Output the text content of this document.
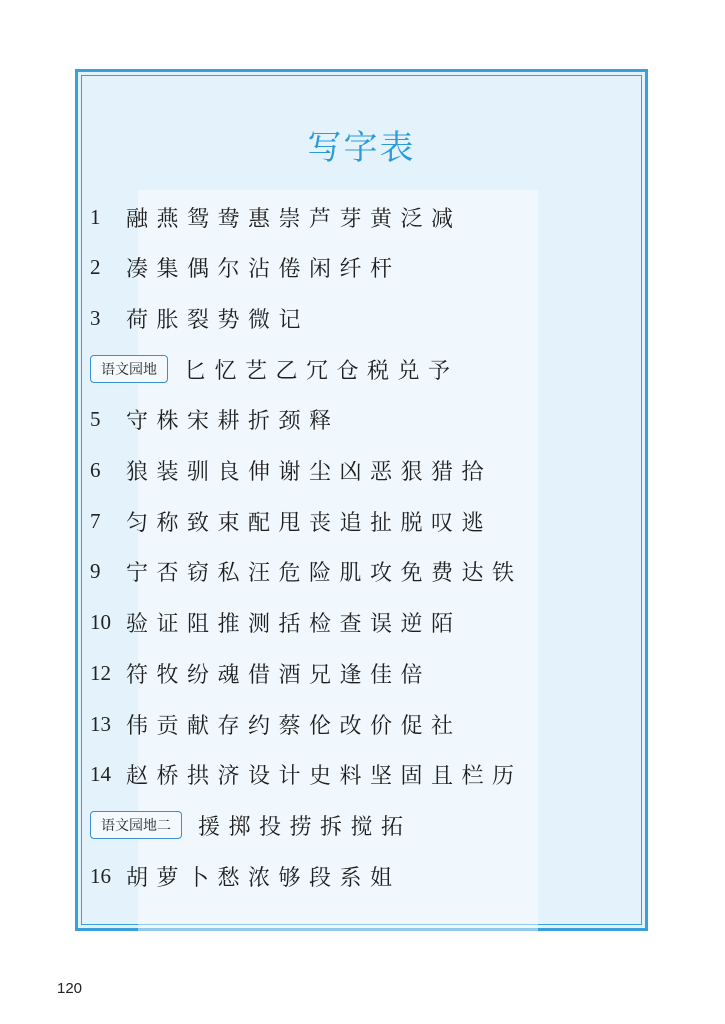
写字表
1	融燕鸳鸯惠崇芦芽黄泛减
2	凑集偶尔沾倦闲纤杆
3	荷胀裂势微记
语文园地	匕忆艺乙冗仓税兑予
5	守株宋耕折颈释
6	狼装驯良伸谢尘凶恶狠猎拾
7	匀称致束配甩丧追扯脱叹逃
9	宁否窃私汪危险肌攻免费达铁
10 验证阻推测括检查误逆陌
12 符牧纷魂借酒兄逢佳倍
13 伟贡献存约蔡伦改价促社
14 赵桥拱济设计史料坚固且栏历
语文园地二	援掷投捞拆搅拓
16 胡萝卜愁浓够段系姐
120
